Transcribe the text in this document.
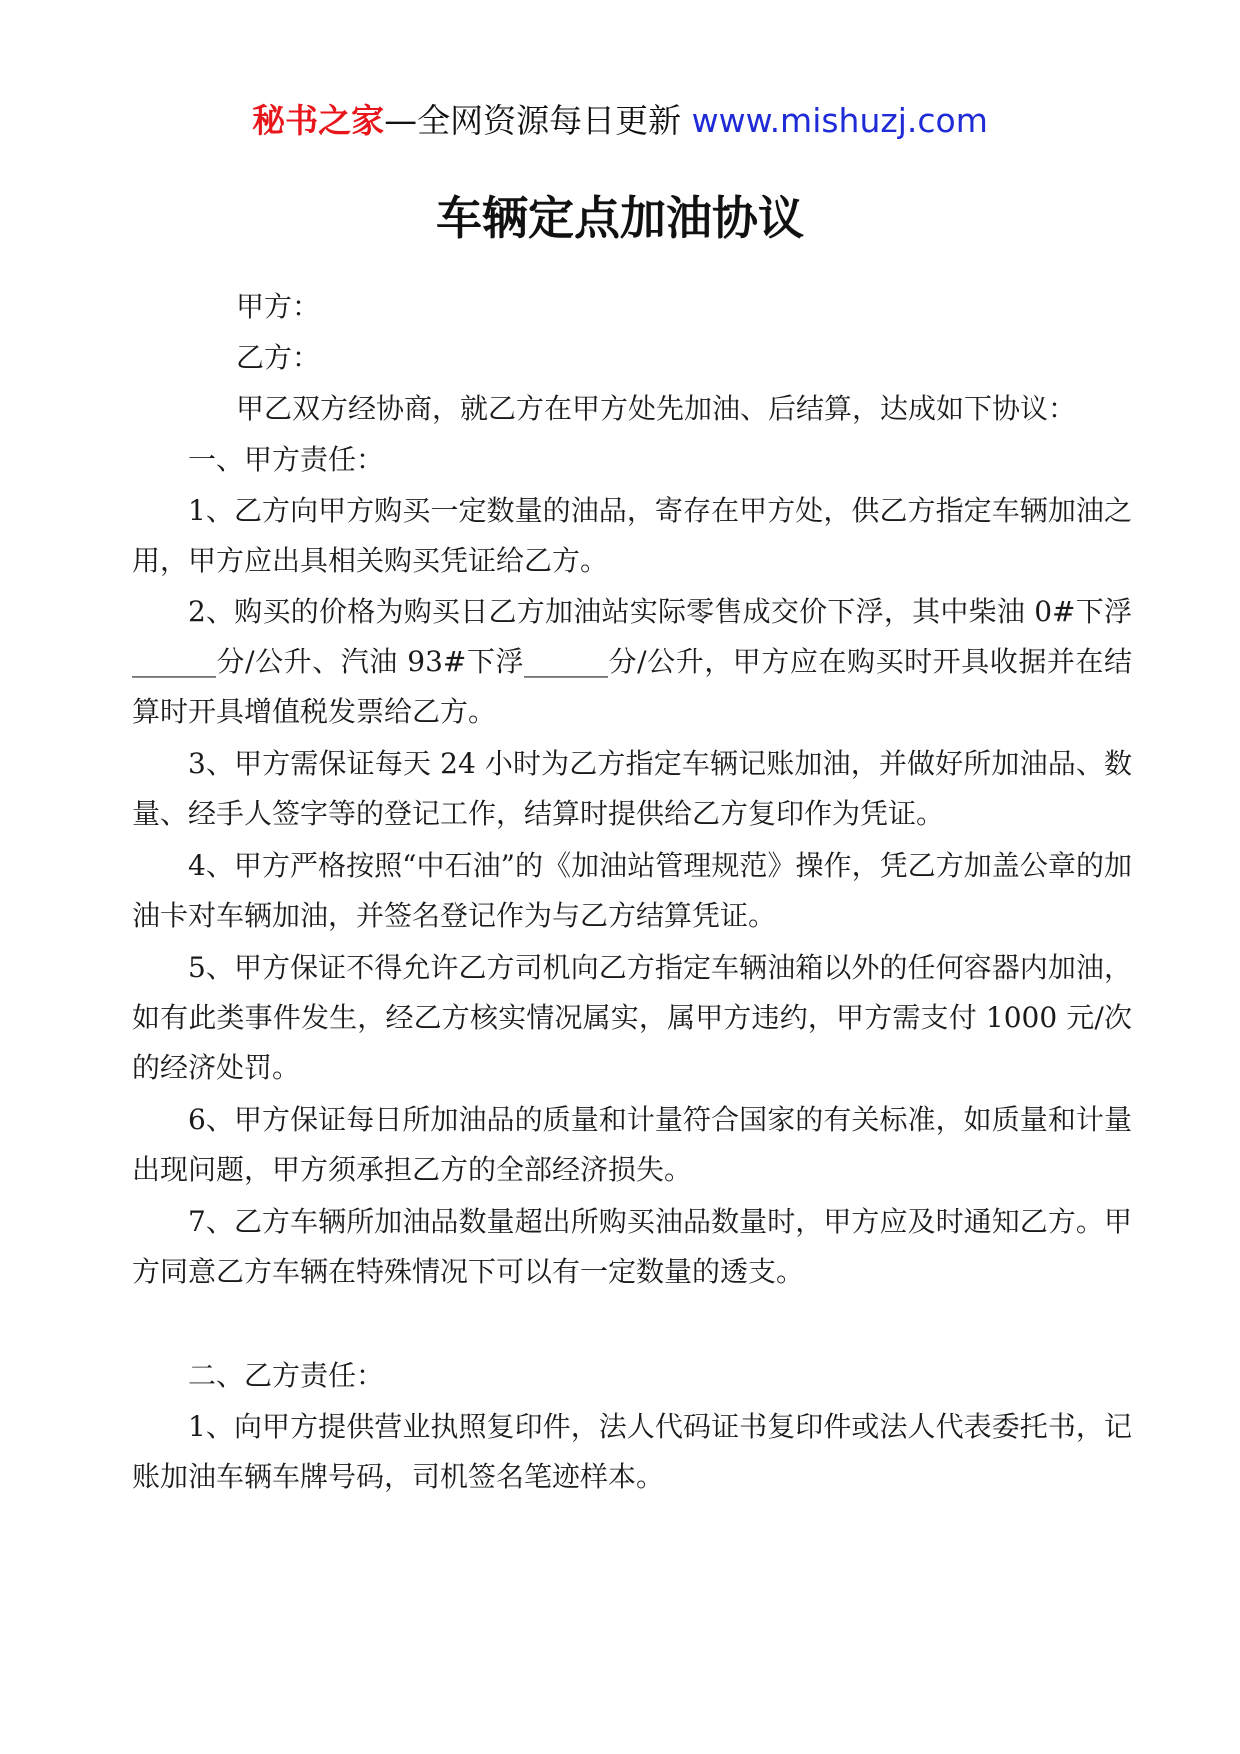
秘书之家—全网资源每日更新 www.mishuzj.com
车辆定点加油协议

甲方：

乙方：

甲乙双方经协商，就乙方在甲方处先加油、后结算，达成如下协议：

一、甲方责任：

1、乙方向甲方购买一定数量的油品，寄存在甲方处，供乙方指定车辆加油之用，甲方应出具相关购买凭证给乙方。

2、购买的价格为购买日乙方加油站实际零售成交价下浮，其中柴油 0#下浮______分/公升、汽油 93#下浮______分/公升，甲方应在购买时开具收据并在结算时开具增值税发票给乙方。

3、甲方需保证每天 24 小时为乙方指定车辆记账加油，并做好所加油品、数量、经手人签字等的登记工作，结算时提供给乙方复印作为凭证。

4、甲方严格按照“中石油”的《加油站管理规范》操作，凭乙方加盖公章的加油卡对车辆加油，并签名登记作为与乙方结算凭证。

5、甲方保证不得允许乙方司机向乙方指定车辆油箱以外的任何容器内加油，如有此类事件发生，经乙方核实情况属实，属甲方违约，甲方需支付 1000 元/次的经济处罚。

6、甲方保证每日所加油品的质量和计量符合国家的有关标准，如质量和计量出现问题，甲方须承担乙方的全部经济损失。

7、乙方车辆所加油品数量超出所购买油品数量时，甲方应及时通知乙方。甲方同意乙方车辆在特殊情况下可以有一定数量的透支。

二、乙方责任：

1、向甲方提供营业执照复印件，法人代码证书复印件或法人代表委托书，记账加油车辆车牌号码，司机签名笔迹样本。
